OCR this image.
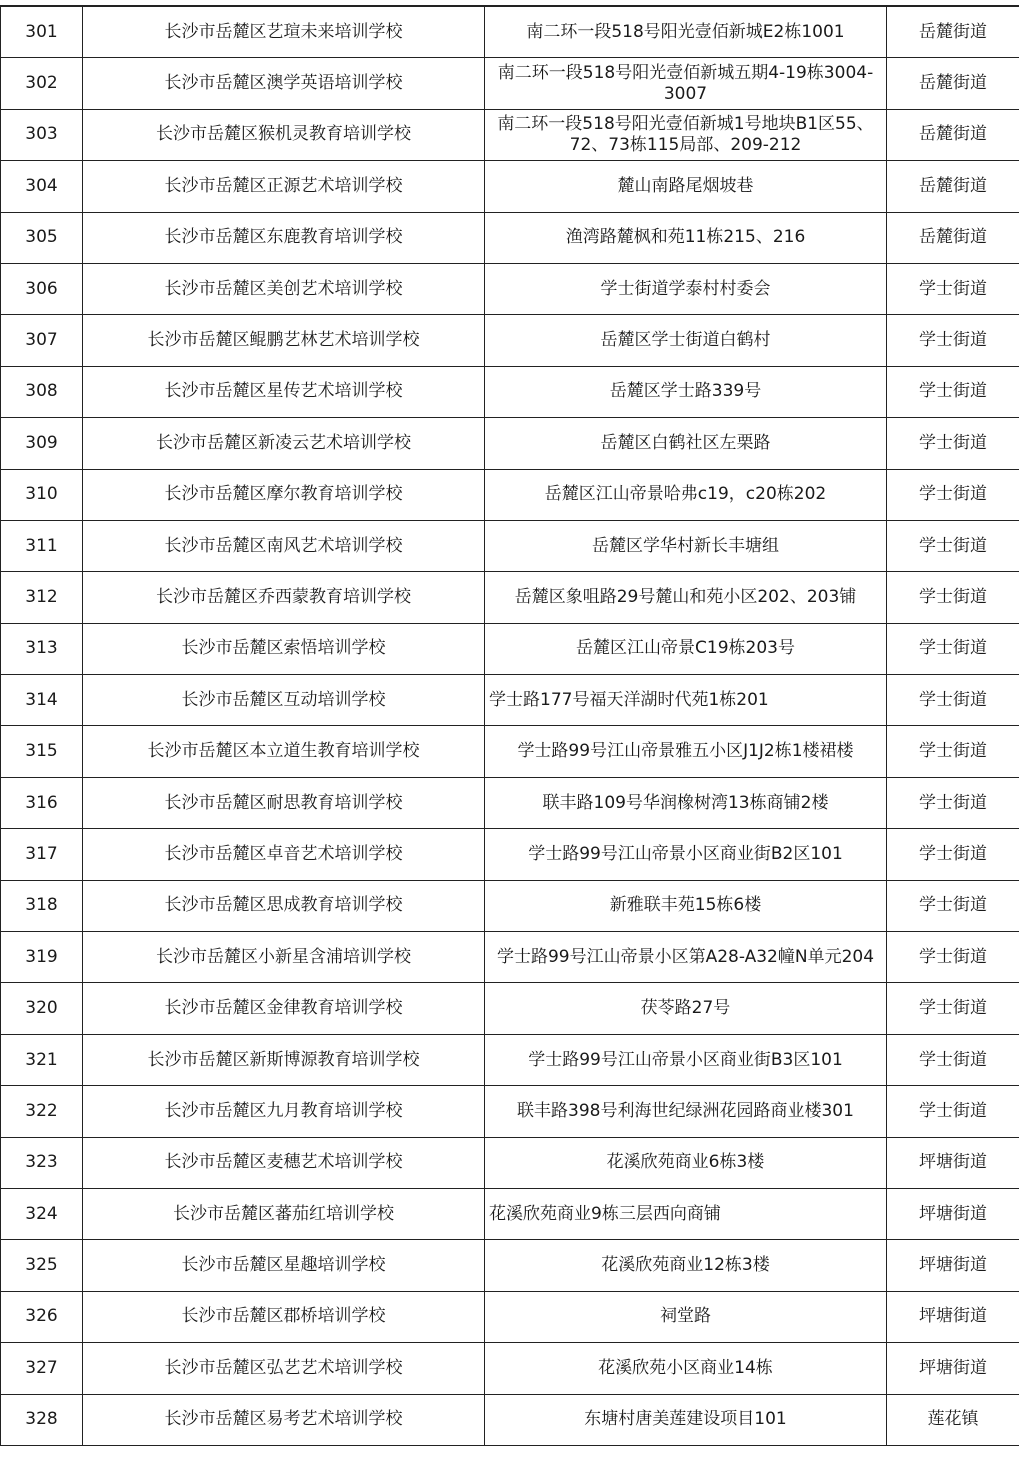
301	长沙市岳麓区艺瑄未来培训学校	南二环一段518号阳光壹佰新城E2栋1001	岳麓街道
302	长沙市岳麓区澳学英语培训学校	南二环一段518号阳光壹佰新城五期4-19栋3004-3007	岳麓街道
303	长沙市岳麓区猴机灵教育培训学校	南二环一段518号阳光壹佰新城1号地块B1区55、72、73栋115局部、209-212	岳麓街道
304	长沙市岳麓区正源艺术培训学校	麓山南路尾烟坡巷	岳麓街道
305	长沙市岳麓区东鹿教育培训学校	渔湾路麓枫和苑11栋215、216	岳麓街道
306	长沙市岳麓区美创艺术培训学校	学士街道学泰村村委会	学士街道
307	长沙市岳麓区鲲鹏艺林艺术培训学校	岳麓区学士街道白鹤村	学士街道
308	长沙市岳麓区星传艺术培训学校	岳麓区学士路339号	学士街道
309	长沙市岳麓区新凌云艺术培训学校	岳麓区白鹤社区左栗路	学士街道
310	长沙市岳麓区摩尔教育培训学校	岳麓区江山帝景哈弗c19，c20栋202	学士街道
311	长沙市岳麓区南风艺术培训学校	岳麓区学华村新长丰塘组	学士街道
312	长沙市岳麓区乔西蒙教育培训学校	岳麓区象咀路29号麓山和苑小区202、203铺	学士街道
313	长沙市岳麓区索悟培训学校	岳麓区江山帝景C19栋203号	学士街道
314	长沙市岳麓区互动培训学校	学士路177号福天洋湖时代苑1栋201	学士街道
315	长沙市岳麓区本立道生教育培训学校	学士路99号江山帝景雅五小区J1J2栋1楼裙楼	学士街道
316	长沙市岳麓区耐思教育培训学校	联丰路109号华润橡树湾13栋商铺2楼	学士街道
317	长沙市岳麓区卓音艺术培训学校	学士路99号江山帝景小区商业街B2区101	学士街道
318	长沙市岳麓区思成教育培训学校	新雅联丰苑15栋6楼	学士街道
319	长沙市岳麓区小新星含浦培训学校	学士路99号江山帝景小区第A28-A32幢N单元204	学士街道
320	长沙市岳麓区金律教育培训学校	茯苓路27号	学士街道
321	长沙市岳麓区新斯博源教育培训学校	学士路99号江山帝景小区商业街B3区101	学士街道
322	长沙市岳麓区九月教育培训学校	联丰路398号利海世纪绿洲花园路商业楼301	学士街道
323	长沙市岳麓区麦穗艺术培训学校	花溪欣苑商业6栋3楼	坪塘街道
324	长沙市岳麓区蕃茄红培训学校	花溪欣苑商业9栋三层西向商铺	坪塘街道
325	长沙市岳麓区星趣培训学校	花溪欣苑商业12栋3楼	坪塘街道
326	长沙市岳麓区郡桥培训学校	祠堂路	坪塘街道
327	长沙市岳麓区弘艺艺术培训学校	花溪欣苑小区商业14栋	坪塘街道
328	长沙市岳麓区易考艺术培训学校	东塘村唐美莲建设项目101	莲花镇
